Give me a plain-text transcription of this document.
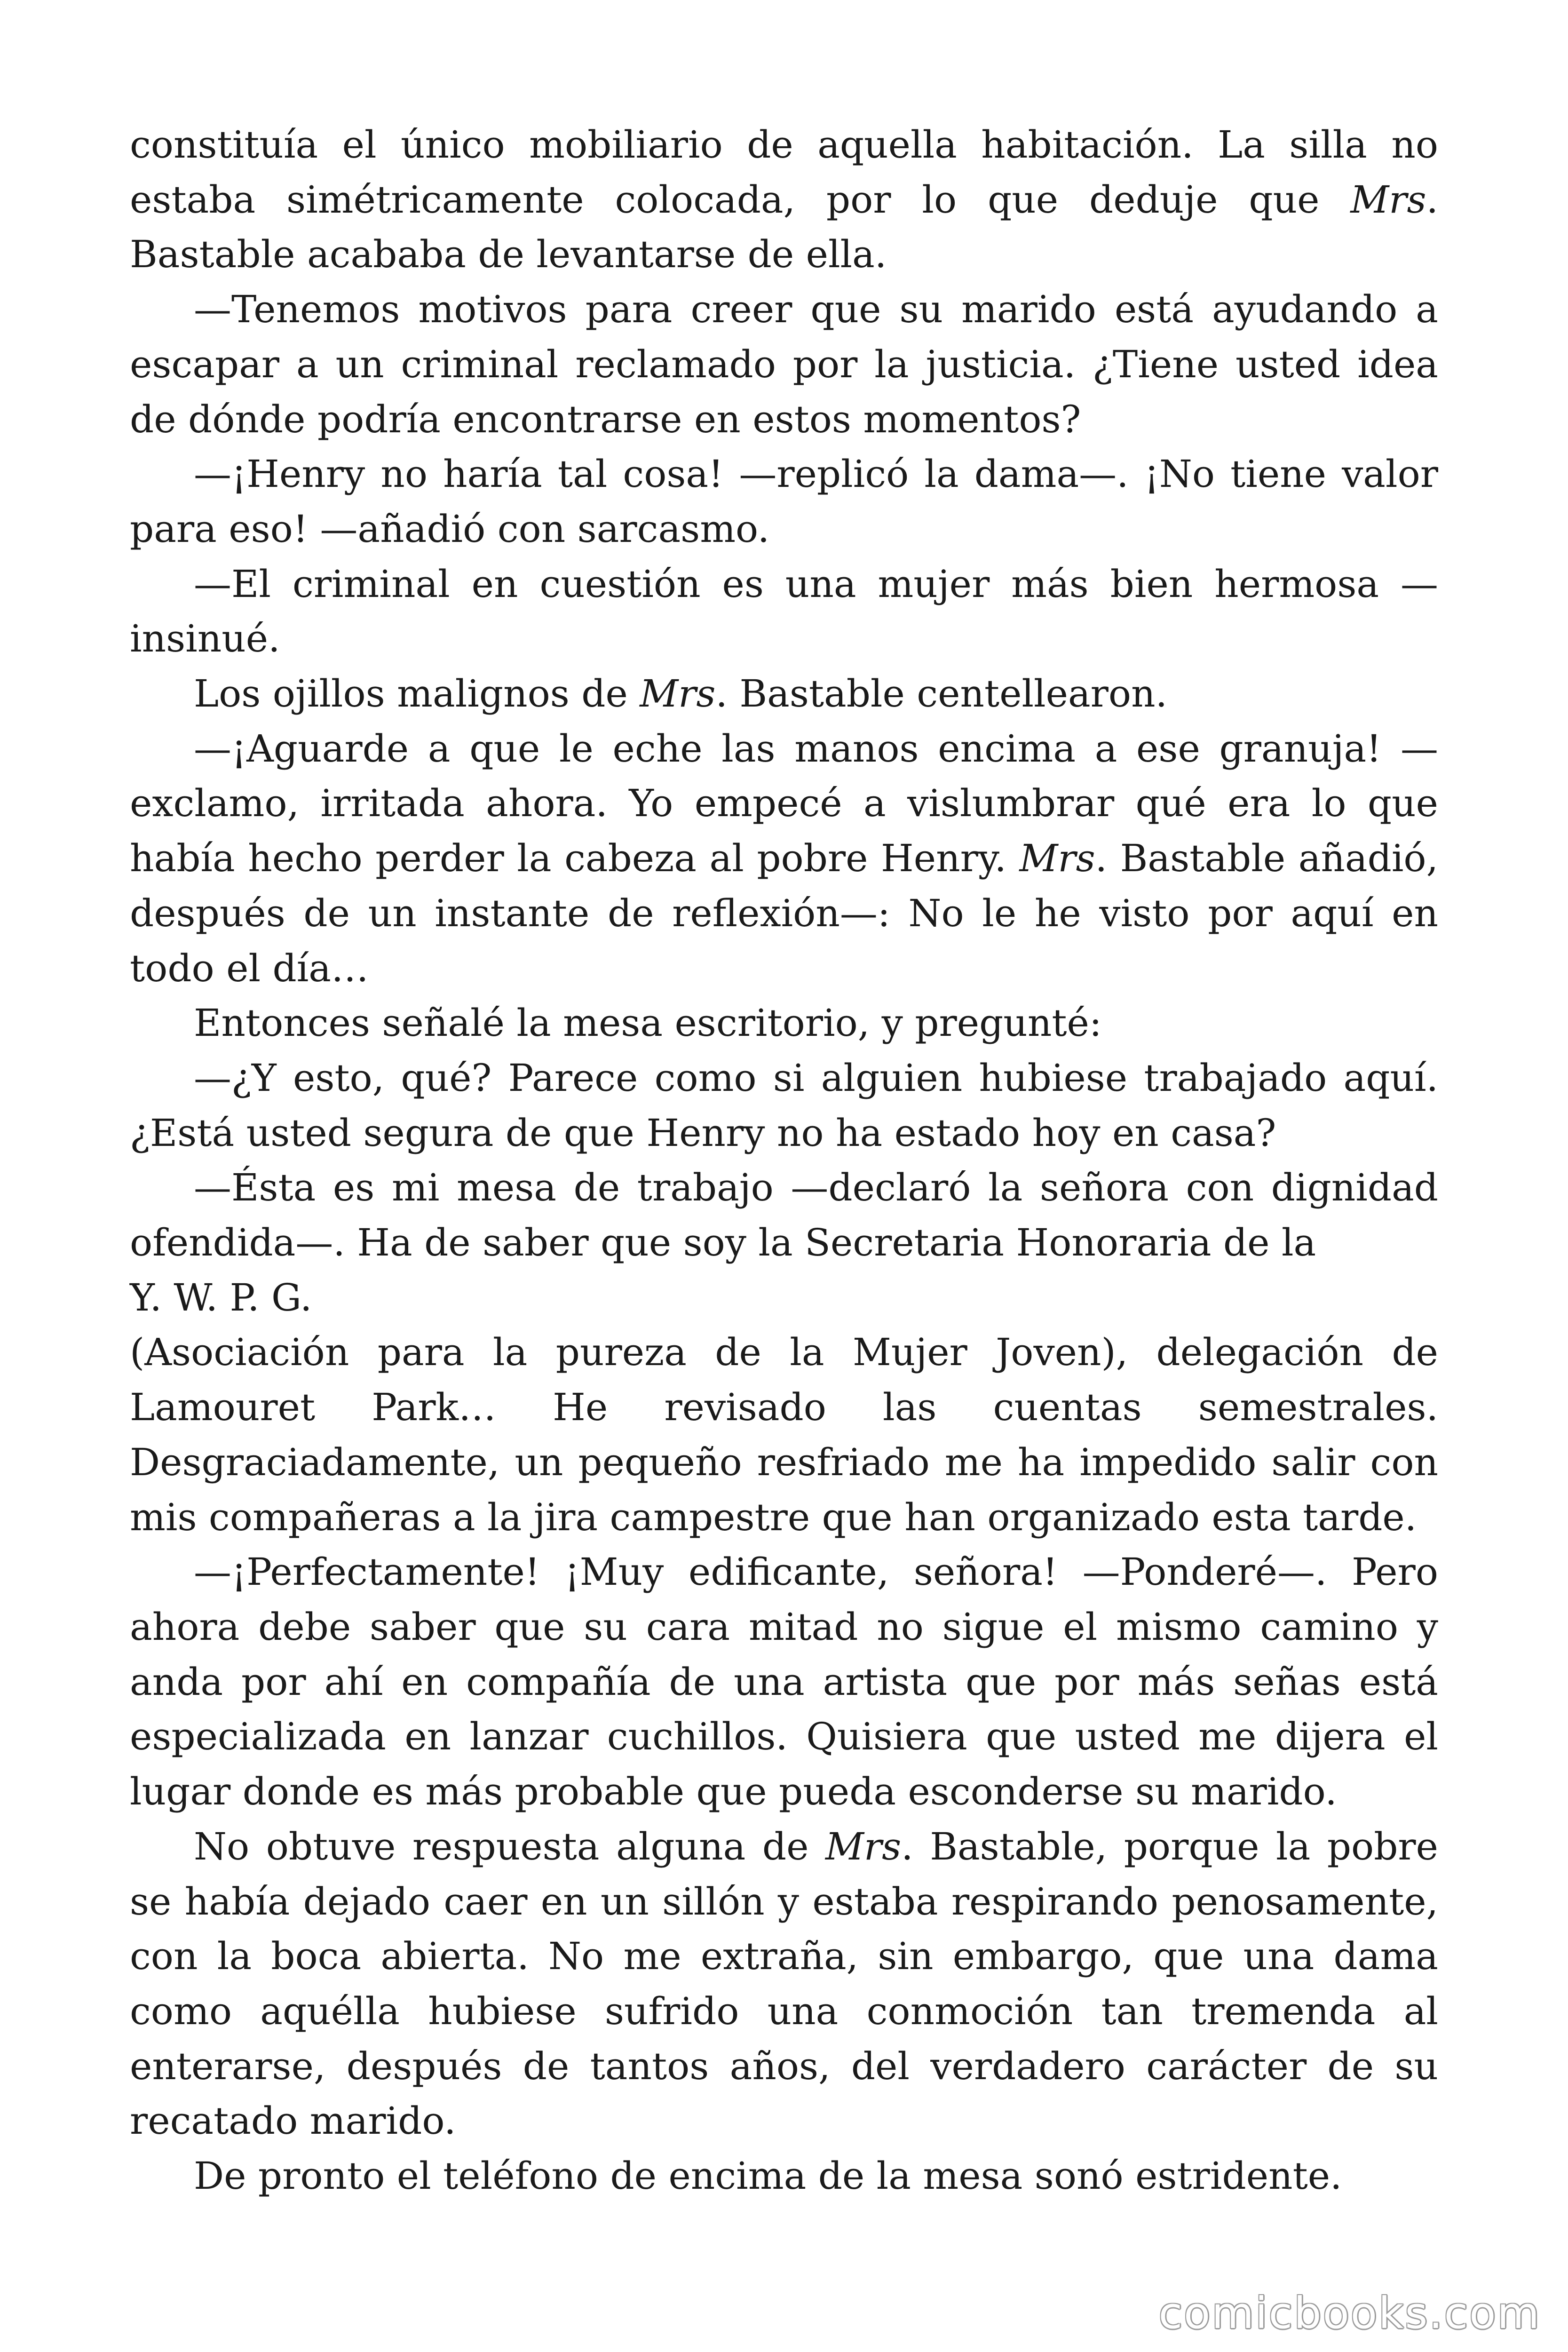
constituía el único mobiliario de aquella habitación. La silla no estaba simétricamente colocada, por lo que deduje que Mrs. Bastable acababa de levantarse de ella.

—Tenemos motivos para creer que su marido está ayudando a escapar a un criminal reclamado por la justicia. ¿Tiene usted idea de dónde podría encontrarse en estos momentos?

—¡Henry no haría tal cosa! —replicó la dama—. ¡No tiene valor para eso! —añadió con sarcasmo.

—El criminal en cuestión es una mujer más bien hermosa —insinué.

Los ojillos malignos de Mrs. Bastable centellearon.

—¡Aguarde a que le eche las manos encima a ese granuja! —exclamo, irritada ahora. Yo empecé a vislumbrar qué era lo que había hecho perder la cabeza al pobre Henry. Mrs. Bastable añadió, después de un instante de reflexión—: No le he visto por aquí en todo el día…

Entonces señalé la mesa escritorio, y pregunté:

—¿Y esto, qué? Parece como si alguien hubiese trabajado aquí. ¿Está usted segura de que Henry no ha estado hoy en casa?

—Ésta es mi mesa de trabajo —declaró la señora con dignidad ofendida—. Ha de saber que soy la Secretaria Honoraria de la

Y. W. P. G.

(Asociación para la pureza de la Mujer Joven), delegación de Lamouret Park… He revisado las cuentas semestrales. Desgraciadamente, un pequeño resfriado me ha impedido salir con mis compañeras a la jira campestre que han organizado esta tarde.

—¡Perfectamente! ¡Muy edificante, señora! —Ponderé—. Pero ahora debe saber que su cara mitad no sigue el mismo camino y anda por ahí en compañía de una artista que por más señas está especializada en lanzar cuchillos. Quisiera que usted me dijera el lugar donde es más probable que pueda esconderse su marido.

No obtuve respuesta alguna de Mrs. Bastable, porque la pobre se había dejado caer en un sillón y estaba respirando penosamente, con la boca abierta. No me extraña, sin embargo, que una dama como aquélla hubiese sufrido una conmoción tan tremenda al enterarse, después de tantos años, del verdadero carácter de su recatado marido.

De pronto el teléfono de encima de la mesa sonó estridente.

comicbooks.com
